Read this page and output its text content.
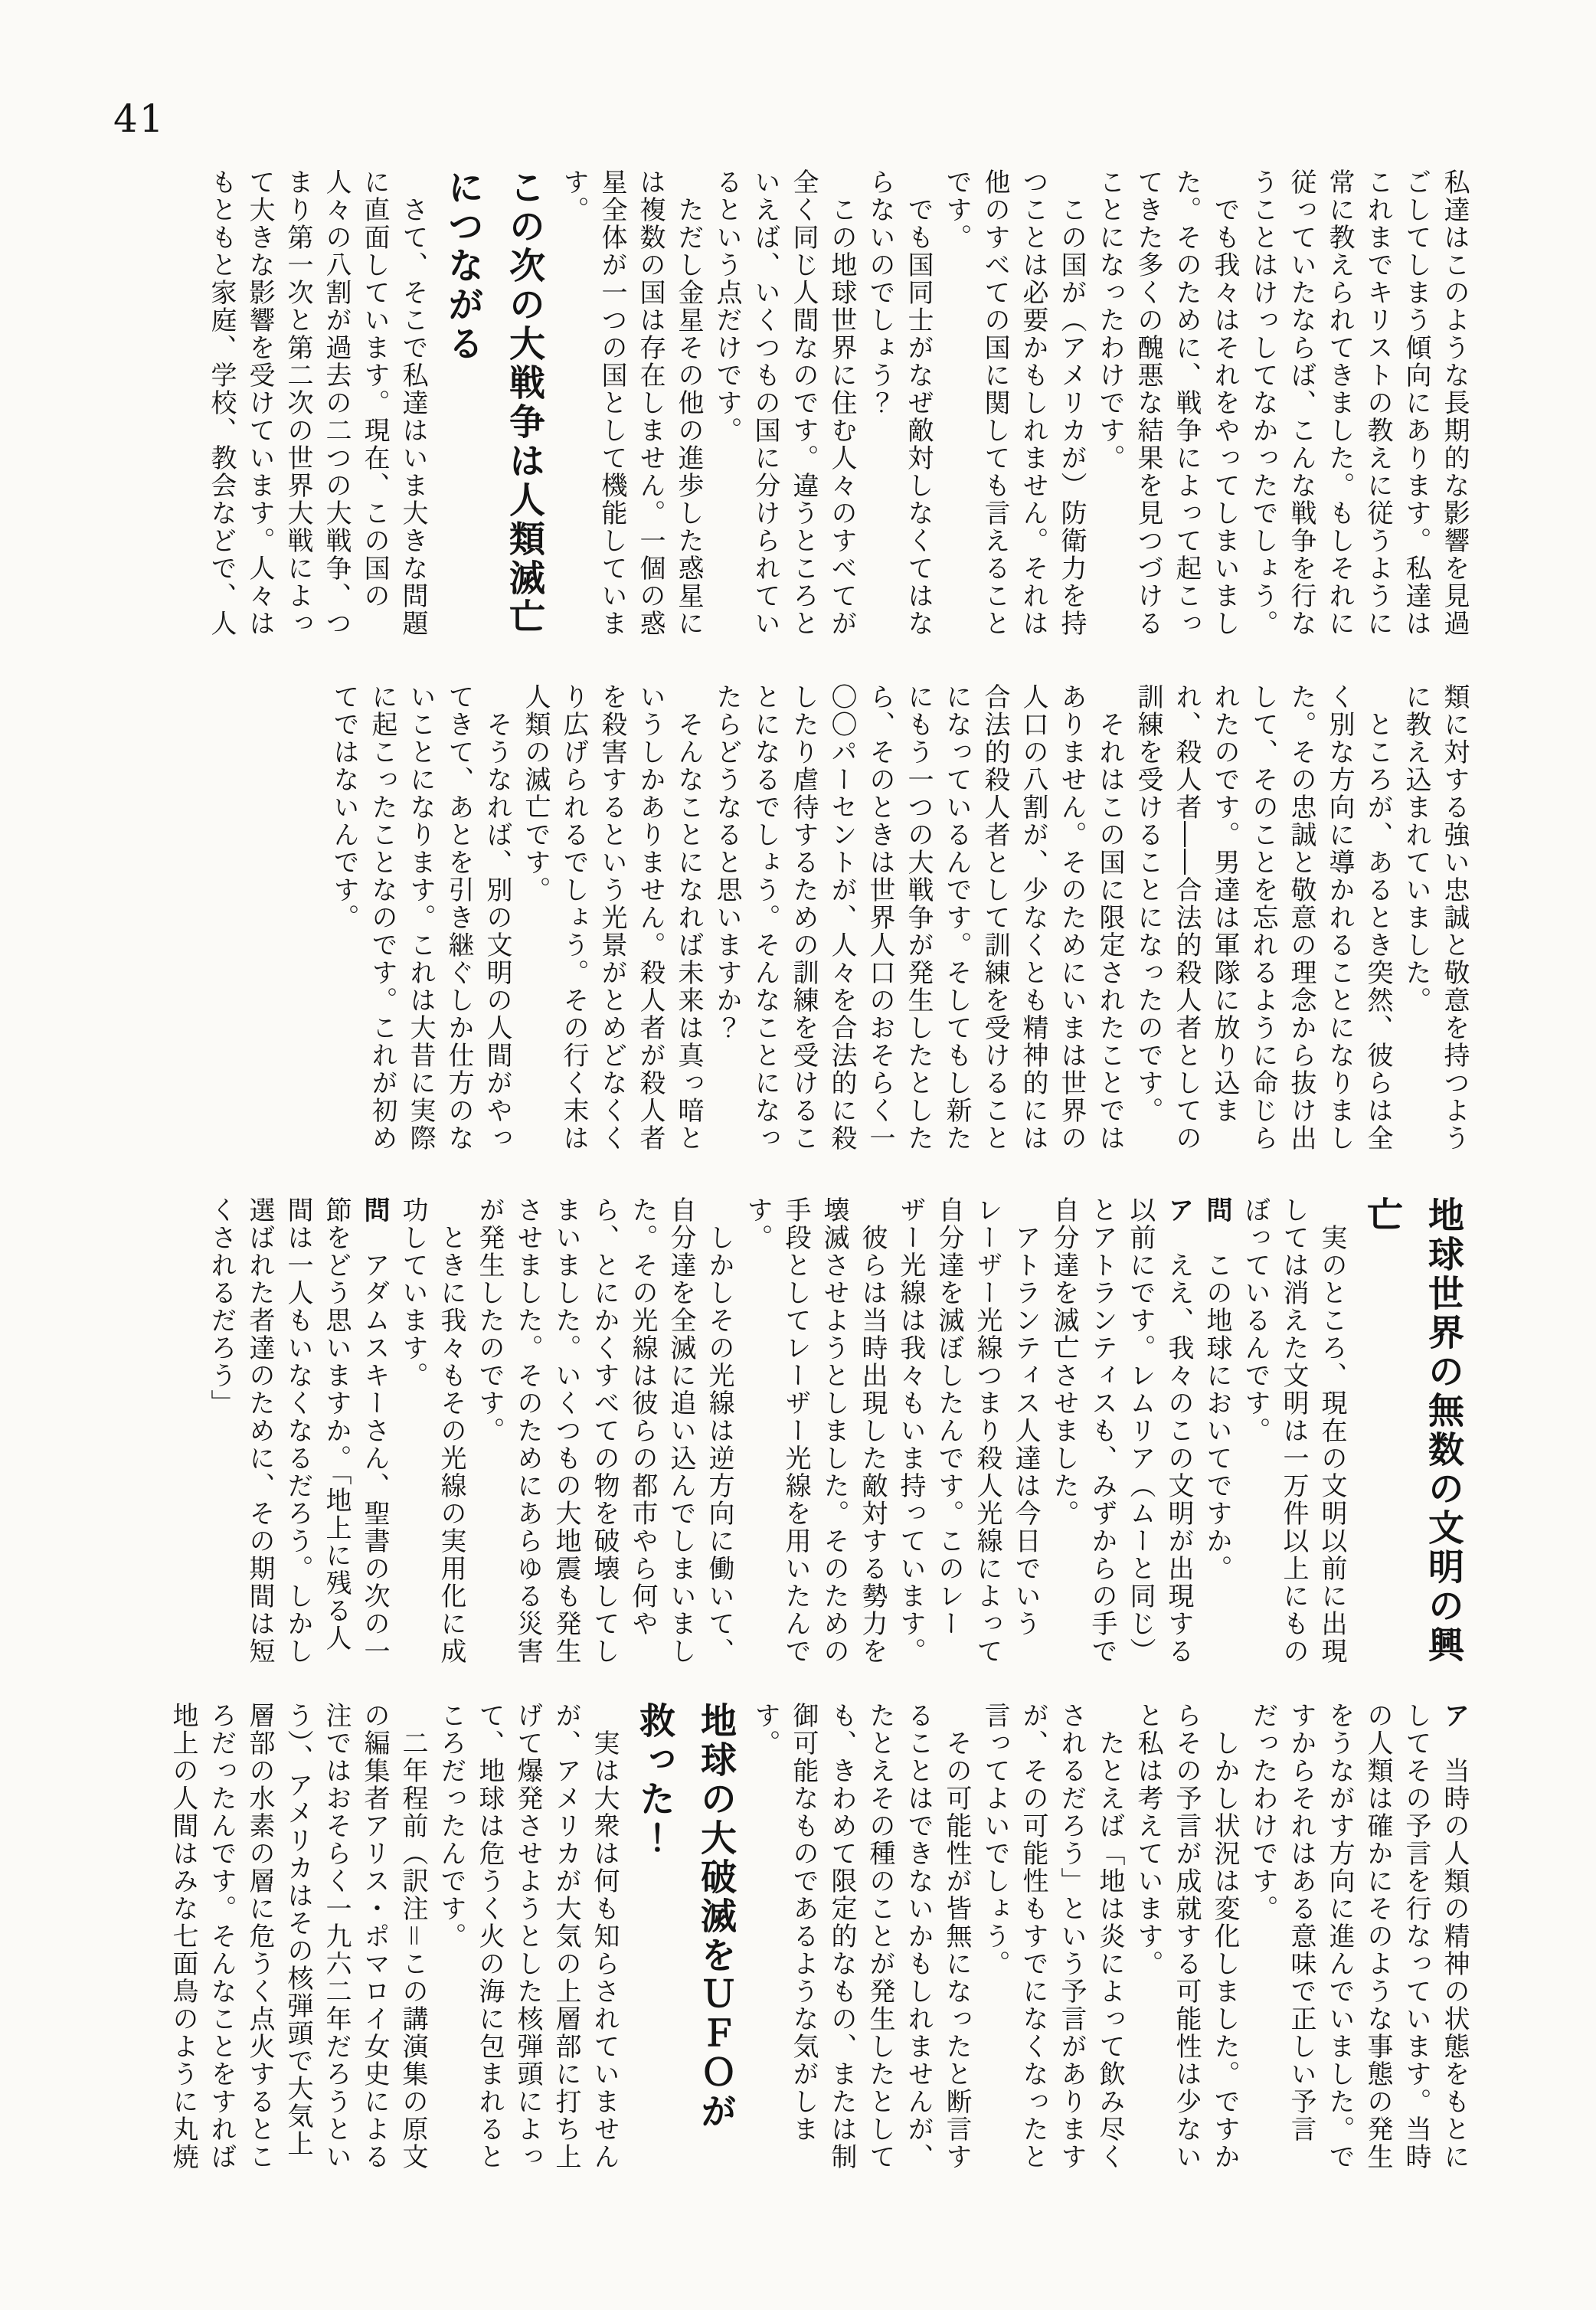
41
私達はこのような長期的な影響を見過ごしてしまう傾向にあります。私達はこれまでキリストの教えに従うように常に教えられてきました。もしそれに従っていたならば、こんな戦争を行なうことはけっしてなかったでしょう。
でも我々はそれをやってしまいました。そのために、戦争によって起こってきた多くの醜悪な結果を見つづけることになったわけです。
この国が（アメリカが）防衛力を持つことは必要かもしれません。それは他のすべての国に関しても言えることです。
でも国同士がなぜ敵対しなくてはならないのでしょう？
この地球世界に住む人々のすべてが全く同じ人間なのです。違うところといえば、いくつもの国に分けられているという点だけです。
ただし金星その他の進歩した惑星には複数の国は存在しません。一個の惑星全体が一つの国として機能しています。
この次の大戦争は人類滅亡につながる
さて、そこで私達はいま大きな問題に直面しています。現在、この国の人々の八割が過去の二つの大戦争、つまり第一次と第二次の世界大戦によって大きな影響を受けています。人々はもともと家庭、学校、教会などで、人
類に対する強い忠誠と敬意を持つように教え込まれていました。
ところが、あるとき突然、彼らは全く別な方向に導かれることになりました。その忠誠と敬意の理念から抜け出して、そのことを忘れるように命じられたのです。男達は軍隊に放り込まれ、殺人者――合法的殺人者としての訓練を受けることになったのです。
それはこの国に限定されたことではありません。そのためにいまは世界の人口の八割が、少なくとも精神的には合法的殺人者として訓練を受けることになっているんです。そしてもし新たにもう一つの大戦争が発生したとしたら、そのときは世界人口のおそらく一〇〇パーセントが、人々を合法的に殺したり虐待するための訓練を受けることになるでしょう。そんなことになったらどうなると思いますか？
そんなことになれば未来は真っ暗というしかありません。殺人者が殺人者を殺害するという光景がとめどなくくり広げられるでしょう。その行く末は人類の滅亡です。
そうなれば、別の文明の人間がやってきて、あとを引き継ぐしか仕方のないことになります。これは大昔に実際に起こったことなのです。これが初めてではないんです。
地球世界の無数の文明の興亡
実のところ、現在の文明以前に出現しては消えた文明は一万件以上にものぼっているんです。
問　この地球においてですか。
ア　ええ、我々のこの文明が出現する以前にです。レムリア（ムーと同じ）とアトランティスも、みずからの手で自分達を滅亡させました。
アトランティス人達は今日でいうレーザー光線つまり殺人光線によって自分達を滅ぼしたんです。このレーザー光線は我々もいま持っています。
彼らは当時出現した敵対する勢力を壊滅させようとしました。そのための手段としてレーザー光線を用いたんです。
しかしその光線は逆方向に働いて、自分達を全滅に追い込んでしまいました。その光線は彼らの都市やら何やら、とにかくすべての物を破壊してしまいました。いくつもの大地震も発生させました。そのためにあらゆる災害が発生したのです。
ときに我々もその光線の実用化に成功しています。
問　アダムスキーさん、聖書の次の一節をどう思いますか。「地上に残る人間は一人もいなくなるだろう。しかし選ばれた者達のために、その期間は短くされるだろう」
ア　当時の人類の精神の状態をもとにしてその予言を行なっています。当時の人類は確かにそのような事態の発生をうながす方向に進んでいました。ですからそれはある意味で正しい予言だったわけです。
しかし状況は変化しました。ですからその予言が成就する可能性は少ないと私は考えています。
たとえば「地は炎によって飲み尽くされるだろう」という予言がありますが、その可能性もすでになくなったと言ってよいでしょう。
その可能性が皆無になったと断言することはできないかもしれませんが、たとえその種のことが発生したとしても、きわめて限定的なもの、または制御可能なものであるような気がします。
地球の大破滅をＵＦＯが救った！
実は大衆は何も知らされていませんが、アメリカが大気の上層部に打ち上げて爆発させようとした核弾頭によって、地球は危うく火の海に包まれるところだったんです。
二年程前（訳注＝この講演集の原文の編集者アリス・ポマロイ女史による注ではおそらく一九六二年だろうという）、アメリカはその核弾頭で大気上層部の水素の層に危うく点火するところだったんです。そんなことをすれば地上の人間はみな七面鳥のように丸焼
